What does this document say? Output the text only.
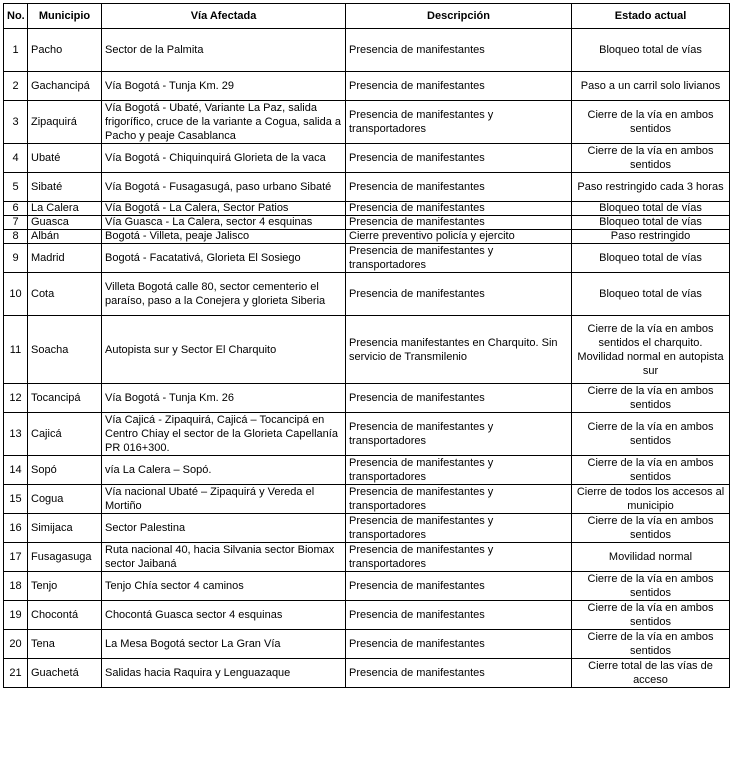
No.	Municipio	Vía Afectada	Descripción	Estado actual
1	Pacho	Sector de la Palmita	Presencia de manifestantes	Bloqueo total de vías
2	Gachancipá	Vía Bogotá - Tunja Km. 29	Presencia de manifestantes	Paso a un carril solo livianos
3	Zipaquirá	Vía Bogotá - Ubaté, Variante La Paz, salida frigorífico, cruce de la variante a Cogua, salida a Pacho y peaje Casablanca	Presencia de manifestantes y transportadores	Cierre de la vía en ambos sentidos
4	Ubaté	Vía Bogotá - Chiquinquirá Glorieta de la vaca	Presencia de manifestantes	Cierre de la vía en ambos sentidos
5	Sibaté	Vía Bogotá - Fusagasugá, paso urbano Sibaté	Presencia de manifestantes	Paso restringido cada 3 horas
6	La Calera	Vía Bogotá - La Calera, Sector Patios	Presencia de manifestantes	Bloqueo total de vías
7	Guasca	Vía Guasca - La Calera, sector 4 esquinas	Presencia de manifestantes	Bloqueo total de vías
8	Albán	Bogotá - Villeta, peaje Jalisco	Cierre preventivo policía y ejercito	Paso restringido
9	Madrid	Bogotá - Facatativá, Glorieta El Sosiego	Presencia de manifestantes y transportadores	Bloqueo total de vías
10	Cota	Villeta Bogotá calle 80, sector cementerio el paraíso, paso a la Conejera y glorieta Siberia	Presencia de manifestantes	Bloqueo total de vías
11	Soacha	Autopista sur y Sector El Charquito	Presencia manifestantes en Charquito. Sin servicio de Transmilenio	Cierre de la vía en ambos sentidos el charquito. Movilidad normal en autopista sur
12	Tocancipá	Vía Bogotá - Tunja Km. 26	Presencia de manifestantes	Cierre de la vía en ambos sentidos
13	Cajicá	Vía Cajicá - Zipaquirá, Cajicá – Tocancipá en Centro Chiay el sector de la Glorieta Capellanía PR 016+300.	Presencia de manifestantes y transportadores	Cierre de la vía en ambos sentidos
14	Sopó	vía La Calera – Sopó.	Presencia de manifestantes y transportadores	Cierre de la vía en ambos sentidos
15	Cogua	Vía nacional Ubaté – Zipaquirá y Vereda el Mortiño	Presencia de manifestantes y transportadores	Cierre de todos los accesos al municipio
16	Simijaca	Sector Palestina	Presencia de manifestantes y transportadores	Cierre de la vía en ambos sentidos
17	Fusagasuga	Ruta nacional 40, hacia Silvania sector Biomax sector Jaibaná	Presencia de manifestantes y transportadores	Movilidad normal
18	Tenjo	Tenjo Chía sector 4 caminos	Presencia de manifestantes	Cierre de la vía en ambos sentidos
19	Chocontá	Chocontá Guasca sector 4 esquinas	Presencia de manifestantes	Cierre de la vía en ambos sentidos
20	Tena	La Mesa Bogotá sector La Gran Vía	Presencia de manifestantes	Cierre de la vía en ambos sentidos
21	Guachetá	Salidas hacia Raquira y Lenguazaque	Presencia de manifestantes	Cierre total de las vías de acceso
